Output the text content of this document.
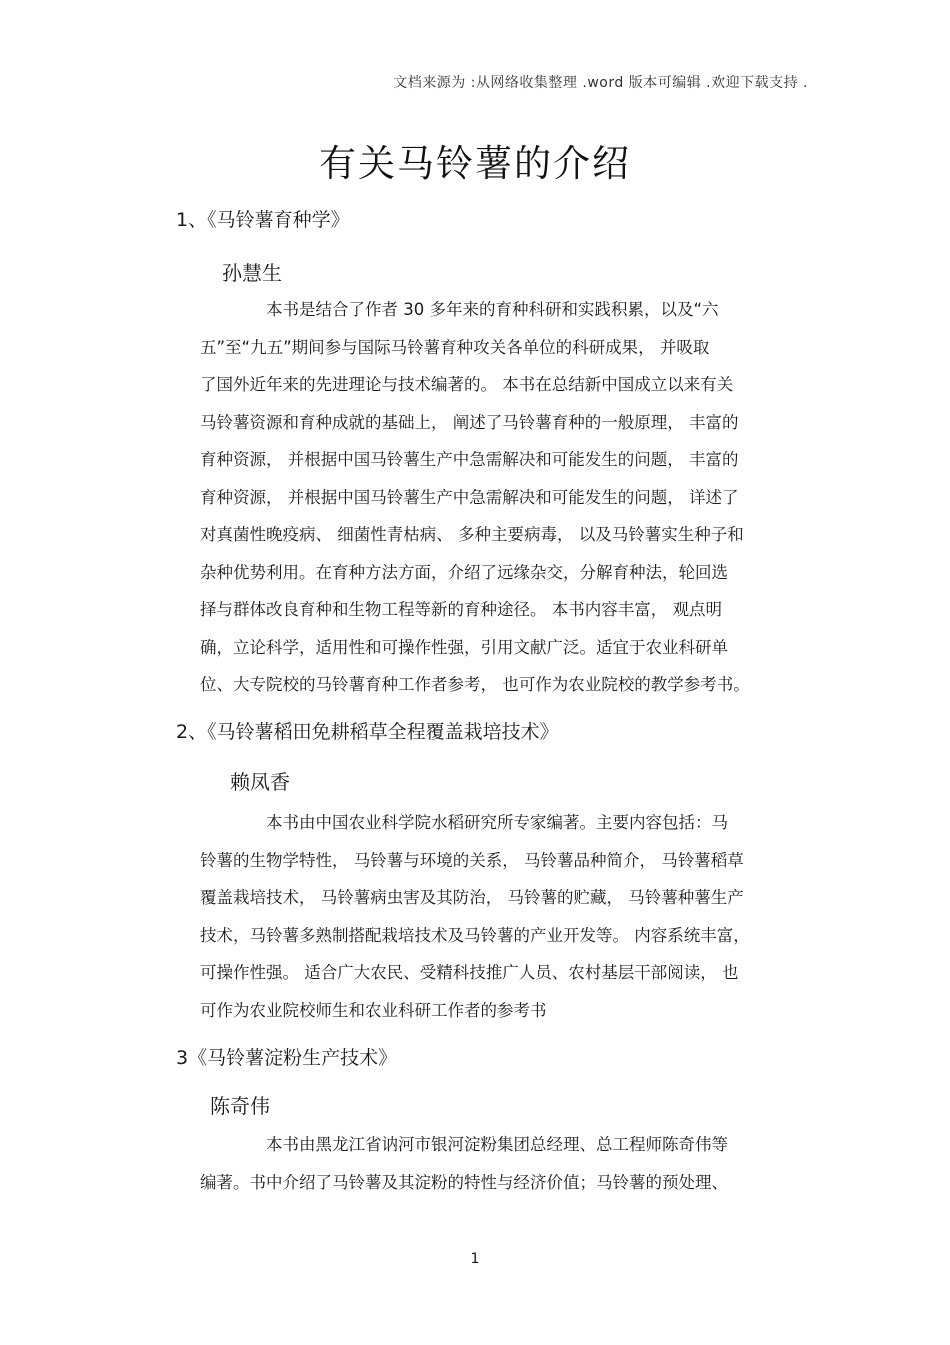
文档来源为 :从网络收集整理 .word 版本可编辑 .欢迎下载支持 .
有关马铃薯的介绍
1、《马铃薯育种学》
孙慧生
本书是结合了作者 30 多年来的育种科研和实践积累，以及“六
五”至“九五”期间参与国际马铃薯育种攻关各单位的科研成果， 并吸取
了国外近年来的先进理论与技术编著的。 本书在总结新中国成立以来有关
马铃薯资源和育种成就的基础上， 阐述了马铃薯育种的一般原理， 丰富的
育种资源， 并根据中国马铃薯生产中急需解决和可能发生的问题， 丰富的
育种资源， 并根据中国马铃薯生产中急需解决和可能发生的问题， 详述了
对真菌性晚疫病、 细菌性青枯病、 多种主要病毒， 以及马铃薯实生种子和
杂种优势利用。在育种方法方面，介绍了远缘杂交，分解育种法，轮回选
择与群体改良育种和生物工程等新的育种途径。 本书内容丰富， 观点明
确，立论科学，适用性和可操作性强，引用文献广泛。适宜于农业科研单
位、大专院校的马铃薯育种工作者参考， 也可作为农业院校的教学参考书。
2、《马铃薯稻田免耕稻草全程覆盖栽培技术》
赖凤香
本书由中国农业科学院水稻研究所专家编著。主要内容包括：马
铃薯的生物学特性， 马铃薯与环境的关系， 马铃薯品种简介， 马铃薯稻草
覆盖栽培技术， 马铃薯病虫害及其防治， 马铃薯的贮藏， 马铃薯种薯生产
技术，马铃薯多熟制搭配栽培技术及马铃薯的产业开发等。 内容系统丰富，
可操作性强。 适合广大农民、受精科技推广人员、农村基层干部阅读， 也
可作为农业院校师生和农业科研工作者的参考书
3《马铃薯淀粉生产技术》
陈奇伟
本书由黑龙江省讷河市银河淀粉集团总经理、总工程师陈奇伟等
编著。书中介绍了马铃薯及其淀粉的特性与经济价值；马铃薯的预处理、
1
